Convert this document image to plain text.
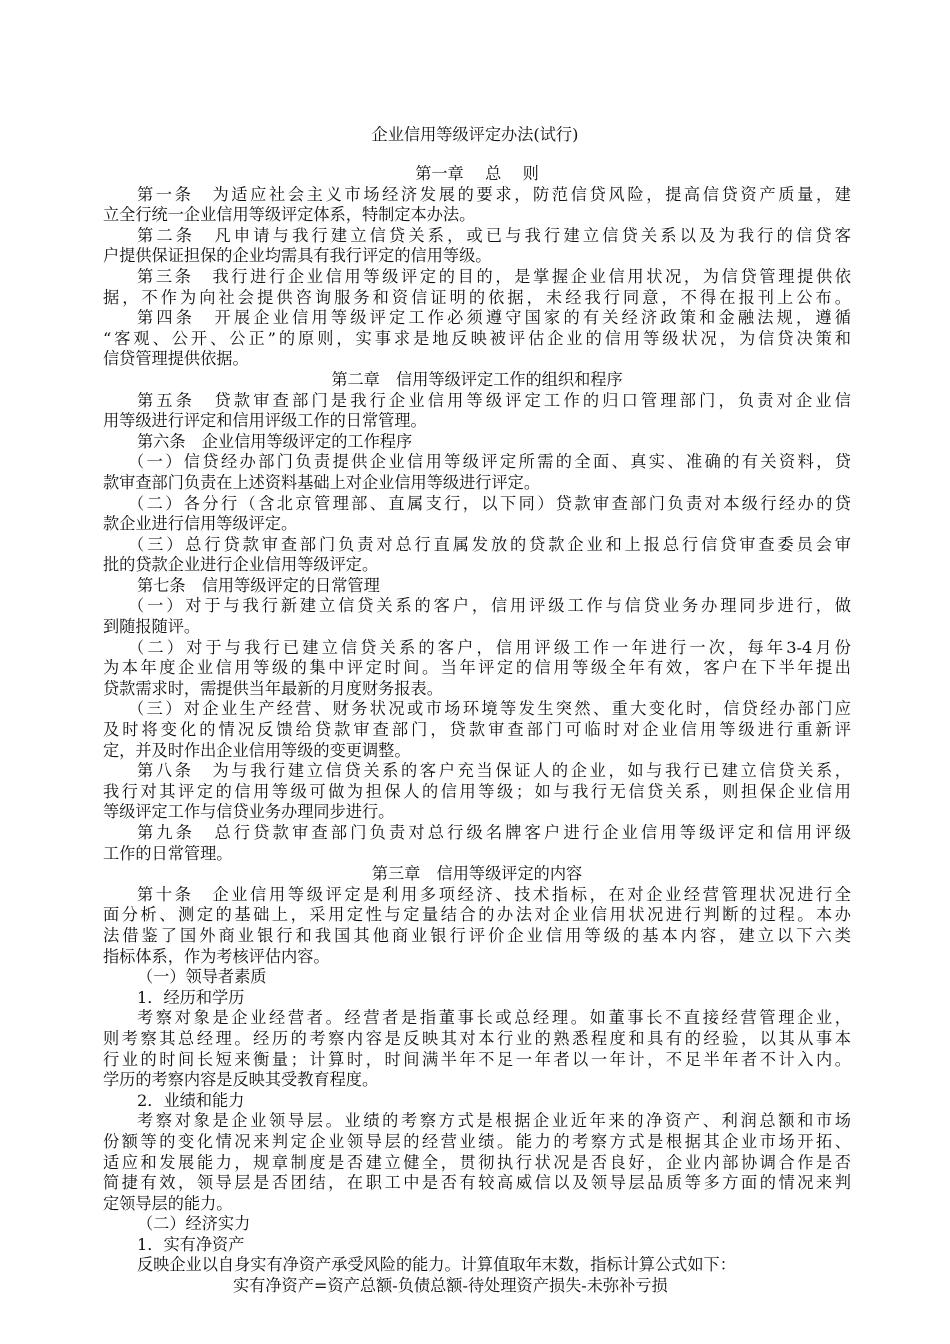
企业信用等级评定办法(试行)
第一章　 总　 则
第一条　为适应社会主义市场经济发展的要求，防范信贷风险，提高信贷资产质量，建
立全行统一企业信用等级评定体系，特制定本办法。
第二条　凡申请与我行建立信贷关系，或已与我行建立信贷关系以及为我行的信贷客
户提供保证担保的企业均需具有我行评定的信用等级。
第三条　我行进行企业信用等级评定的目的，是掌握企业信用状况，为信贷管理提供依
据，不作为向社会提供咨询服务和资信证明的依据，未经我行同意，不得在报刊上公布。
第四条　开展企业信用等级评定工作必须遵守国家的有关经济政策和金融法规，遵循
“客观、公开、公正”的原则，实事求是地反映被评估企业的信用等级状况，为信贷决策和
信贷管理提供依据。
第二章　信用等级评定工作的组织和程序
第五条　贷款审查部门是我行企业信用等级评定工作的归口管理部门，负责对企业信
用等级进行评定和信用评级工作的日常管理。
第六条　企业信用等级评定的工作程序
（一）信贷经办部门负责提供企业信用等级评定所需的全面、真实、准确的有关资料，贷
款审查部门负责在上述资料基础上对企业信用等级进行评定。
（二）各分行（含北京管理部、直属支行，以下同）贷款审查部门负责对本级行经办的贷
款企业进行信用等级评定。
（三）总行贷款审查部门负责对总行直属发放的贷款企业和上报总行信贷审查委员会审
批的贷款企业进行企业信用等级评定。
第七条　信用等级评定的日常管理
（一）对于与我行新建立信贷关系的客户，信用评级工作与信贷业务办理同步进行，做
到随报随评。
（二）对于与我行已建立信贷关系的客户，信用评级工作一年进行一次，每年3-4月份
为本年度企业信用等级的集中评定时间。当年评定的信用等级全年有效，客户在下半年提出
贷款需求时，需提供当年最新的月度财务报表。
（三）对企业生产经营、财务状况或市场环境等发生突然、重大变化时，信贷经办部门应
及时将变化的情况反馈给贷款审查部门，贷款审查部门可临时对企业信用等级进行重新评
定，并及时作出企业信用等级的变更调整。
第八条　为与我行建立信贷关系的客户充当保证人的企业，如与我行已建立信贷关系，
我行对其评定的信用等级可做为担保人的信用等级；如与我行无信贷关系，则担保企业信用
等级评定工作与信贷业务办理同步进行。
第九条　总行贷款审查部门负责对总行级名牌客户进行企业信用等级评定和信用评级
工作的日常管理。
第三章　信用等级评定的内容
第十条　企业信用等级评定是利用多项经济、技术指标，在对企业经营管理状况进行全
面分析、测定的基础上，采用定性与定量结合的办法对企业信用状况进行判断的过程。本办
法借鉴了国外商业银行和我国其他商业银行评价企业信用等级的基本内容，建立以下六类
指标体系，作为考核评估内容。
（一）领导者素质
1．经历和学历
考察对象是企业经营者。经营者是指董事长或总经理。如董事长不直接经营管理企业，
则考察其总经理。经历的考察内容是反映其对本行业的熟悉程度和具有的经验，以其从事本
行业的时间长短来衡量；计算时，时间满半年不足一年者以一年计，不足半年者不计入内。
学历的考察内容是反映其受教育程度。
2．业绩和能力
考察对象是企业领导层。业绩的考察方式是根据企业近年来的净资产、利润总额和市场
份额等的变化情况来判定企业领导层的经营业绩。能力的考察方式是根据其企业市场开拓、
适应和发展能力，规章制度是否建立健全，贯彻执行状况是否良好，企业内部协调合作是否
简捷有效，领导层是否团结，在职工中是否有较高威信以及领导层品质等多方面的情况来判
定领导层的能力。
（二）经济实力
1．实有净资产
反映企业以自身实有净资产承受风险的能力。计算值取年末数，指标计算公式如下：
实有净资产=资产总额-负债总额-待处理资产损失-未弥补亏损
